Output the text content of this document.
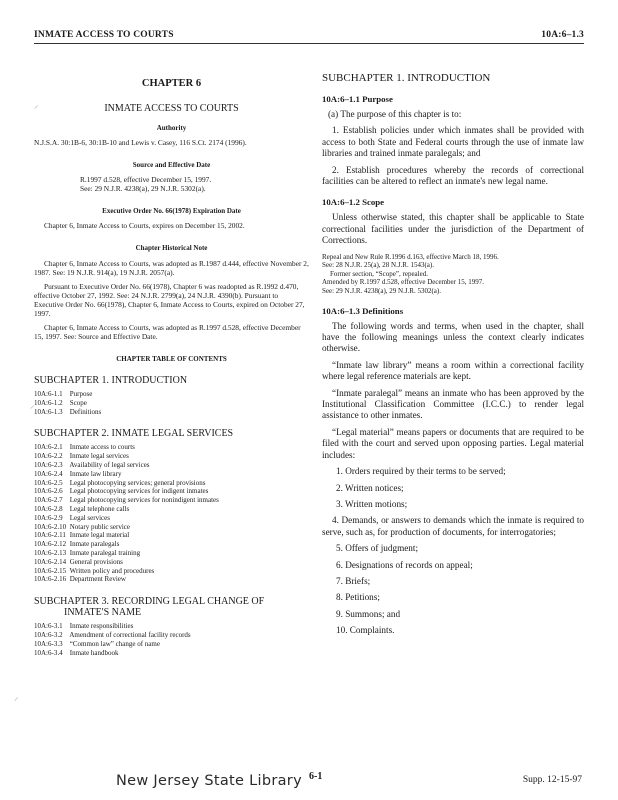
INMATE ACCESS TO COURTS	10A:6–1.3
CHAPTER 6
INMATE ACCESS TO COURTS
Authority
N.J.S.A. 30:1B-6, 30:1B-10 and Lewis v. Casey, 116 S.Ct. 2174 (1996).
Source and Effective Date
R.1997 d.528, effective December 15, 1997.
See: 29 N.J.R. 4238(a), 29 N.J.R. 5302(a).
Executive Order No. 66(1978) Expiration Date
Chapter 6, Inmate Access to Courts, expires on December 15, 2002.
Chapter Historical Note
Chapter 6, Inmate Access to Courts, was adopted as R.1987 d.444, effective November 2, 1987. See: 19 N.J.R. 914(a), 19 N.J.R. 2057(a).
Pursuant to Executive Order No. 66(1978), Chapter 6 was readopted as R.1992 d.470, effective October 27, 1992. See: 24 N.J.R. 2799(a), 24 N.J.R. 4390(b). Pursuant to Executive Order No. 66(1978), Chapter 6, Inmate Access to Courts, expired on October 27, 1997.
Chapter 6, Inmate Access to Courts, was adopted as R.1997 d.528, effective December 15, 1997. See: Source and Effective Date.
CHAPTER TABLE OF CONTENTS
SUBCHAPTER 1. INTRODUCTION
10A:6-1.1 Purpose
10A:6-1.2 Scope
10A:6-1.3 Definitions
SUBCHAPTER 2. INMATE LEGAL SERVICES
10A:6-2.1 Inmate access to courts
10A:6-2.2 Inmate legal services
10A:6-2.3 Availability of legal services
10A:6-2.4 Inmate law library
10A:6-2.5 Legal photocopying services; general provisions
10A:6-2.6 Legal photocopying services for indigent inmates
10A:6-2.7 Legal photocopying services for nonindigent inmates
10A:6-2.8 Legal telephone calls
10A:6-2.9 Legal services
10A:6-2.10 Notary public service
10A:6-2.11 Inmate legal material
10A:6-2.12 Inmate paralegals
10A:6-2.13 Inmate paralegal training
10A:6-2.14 General provisions
10A:6-2.15 Written policy and procedures
10A:6-2.16 Department Review
SUBCHAPTER 3. RECORDING LEGAL CHANGE OF
INMATE'S NAME
10A:6-3.1 Inmate responsibilities
10A:6-3.2 Amendment of correctional facility records
10A:6-3.3 “Common law” change of name
10A:6-3.4 Inmate handbook
SUBCHAPTER 1. INTRODUCTION
10A:6–1.1 Purpose
(a) The purpose of this chapter is to:
1. Establish policies under which inmates shall be provided with access to both State and Federal courts through the use of inmate law libraries and trained inmate paralegals; and
2. Establish procedures whereby the records of correctional facilities can be altered to reflect an inmate's new legal name.
10A:6–1.2 Scope
Unless otherwise stated, this chapter shall be applicable to State correctional facilities under the jurisdiction of the Department of Corrections.
Repeal and New Rule R.1996 d.163, effective March 18, 1996.
See: 28 N.J.R. 25(a), 28 N.J.R. 1543(a).
Former section, “Scope”, repealed.
Amended by R.1997 d.528, effective December 15, 1997.
See: 29 N.J.R. 4238(a), 29 N.J.R. 5302(a).
10A:6–1.3 Definitions
The following words and terms, when used in the chapter, shall have the following meanings unless the context clearly indicates otherwise.
“Inmate law library” means a room within a correctional facility where legal reference materials are kept.
“Inmate paralegal” means an inmate who has been approved by the Institutional Classification Committee (I.C.C.) to render legal assistance to other inmates.
“Legal material” means papers or documents that are required to be filed with the court and served upon opposing parties. Legal material includes:
1. Orders required by their terms to be served;
2. Written notices;
3. Written motions;
4. Demands, or answers to demands which the inmate is required to serve, such as, for production of documents, for interrogatories;
5. Offers of judgment;
6. Designations of records on appeal;
7. Briefs;
8. Petitions;
9. Summons; and
10. Complaints.
⸝
⸝
⸝
New Jersey State Library 6-1	Supp. 12-15-97
